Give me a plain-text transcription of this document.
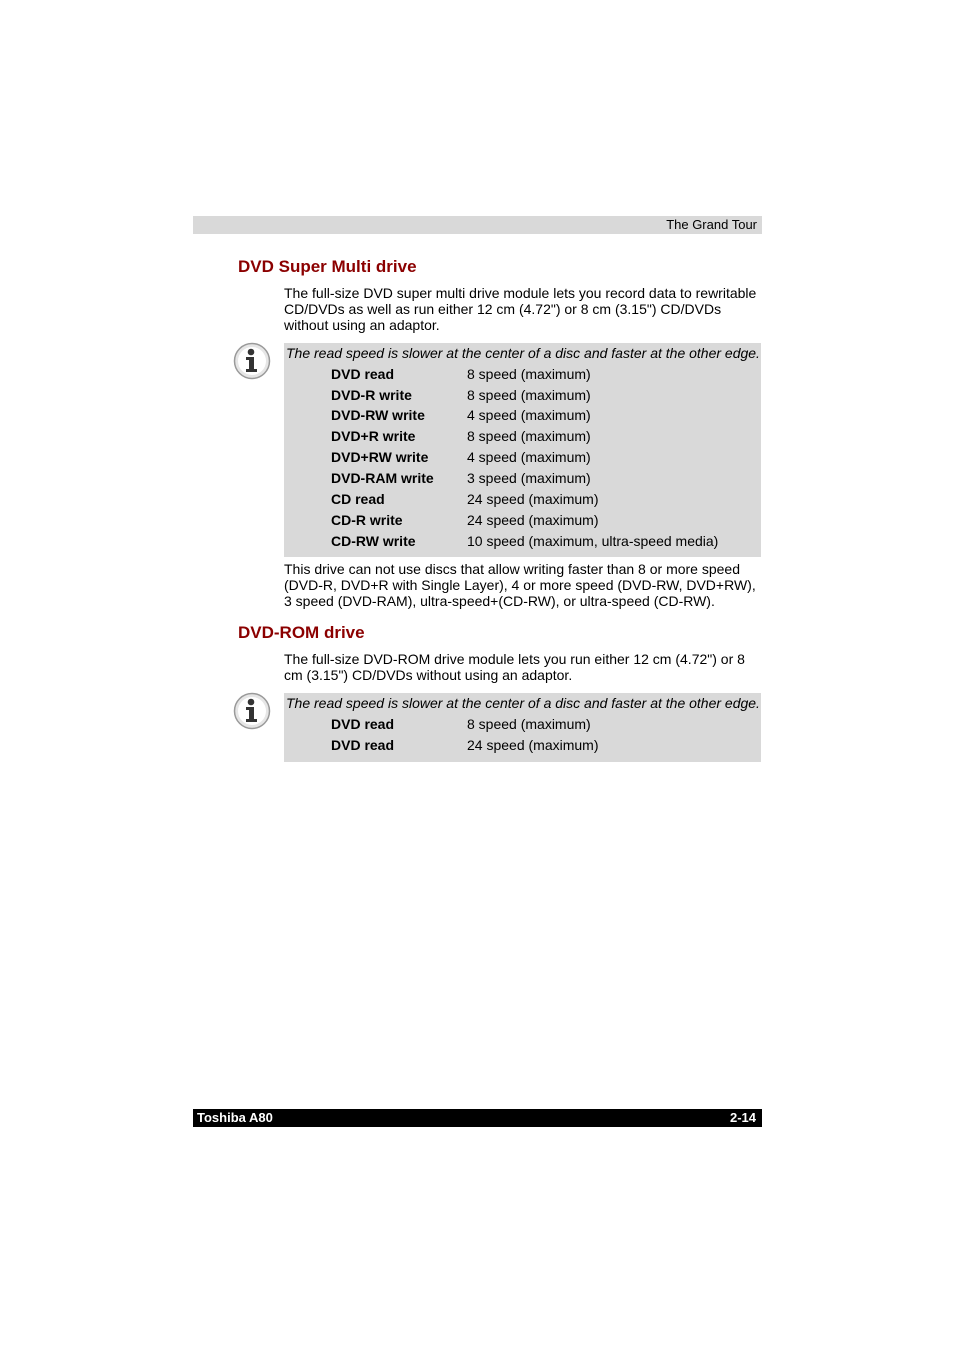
The Grand Tour
DVD Super Multi drive

The full-size DVD super multi drive module lets you record data to rewritable CD/DVDs as well as run either 12 cm (4.72") or 8 cm (3.15") CD/DVDs without using an adaptor.

The read speed is slower at the center of a disc and faster at the other edge.
DVD read	8 speed (maximum)
DVD-R write	8 speed (maximum)
DVD-RW write	4 speed (maximum)
DVD+R write	8 speed (maximum)
DVD+RW write	4 speed (maximum)
DVD-RAM write 3 speed (maximum)
CD read	24 speed (maximum)
CD-R write	24 speed (maximum)
CD-RW write	10 speed (maximum, ultra-speed media)

This drive can not use discs that allow writing faster than 8 or more speed (DVD-R, DVD+R with Single Layer), 4 or more speed (DVD-RW, DVD+RW), 3 speed (DVD-RAM), ultra-speed+(CD-RW), or ultra-speed (CD-RW).

DVD-ROM drive

The full-size DVD-ROM drive module lets you run either 12 cm (4.72") or 8 cm (3.15") CD/DVDs without using an adaptor.

The read speed is slower at the center of a disc and faster at the other edge.
DVD read	8 speed (maximum)
DVD read	24 speed (maximum)
Toshiba A80	2-14
